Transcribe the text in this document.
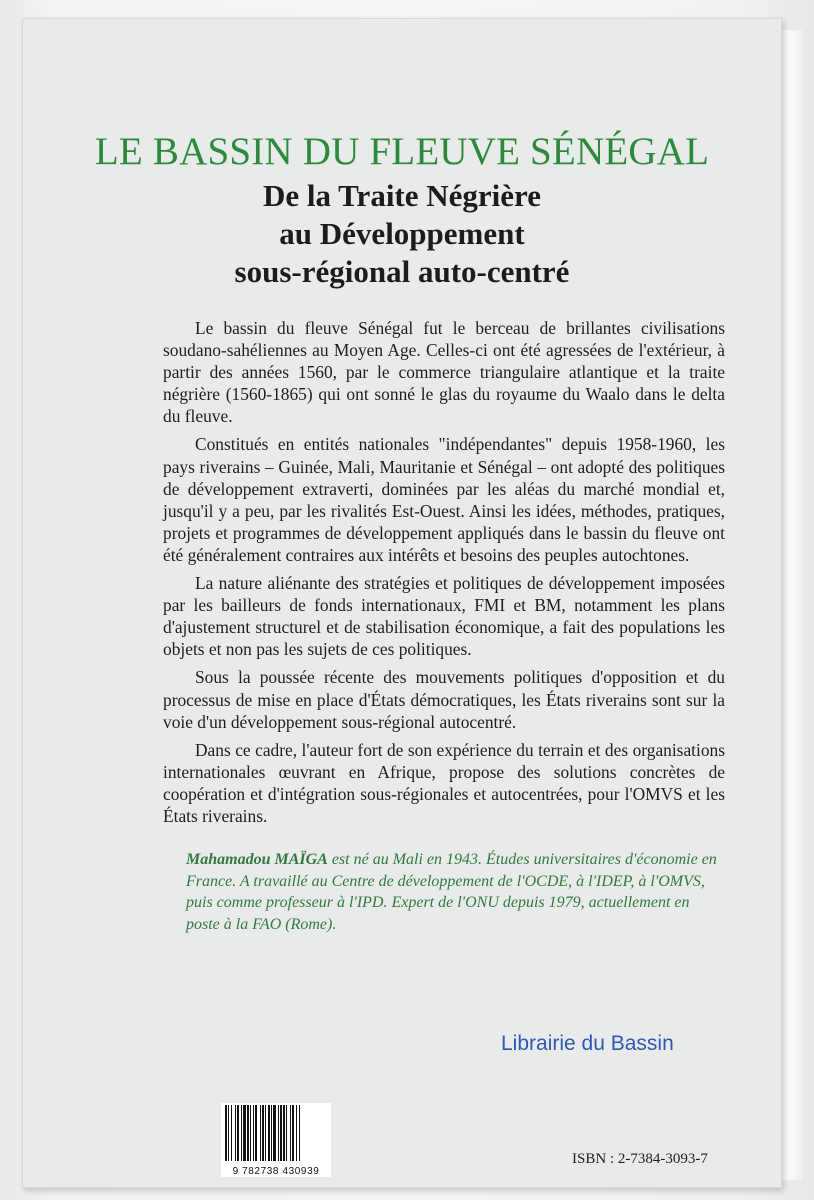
LE BASSIN DU FLEUVE SÉNÉGAL
De la Traite Négrière
au Développement
sous-régional auto-centré

Le bassin du fleuve Sénégal fut le berceau de brillantes civilisations soudano-sahéliennes au Moyen Age. Celles-ci ont été agressées de l'extérieur, à partir des années 1560, par le commerce triangulaire atlantique et la traite négrière (1560-1865) qui ont sonné le glas du royaume du Waalo dans le delta du fleuve.

Constitués en entités nationales "indépendantes" depuis 1958-1960, les pays riverains – Guinée, Mali, Mauritanie et Sénégal – ont adopté des politiques de développement extraverti, dominées par les aléas du marché mondial et, jusqu'il y a peu, par les rivalités Est-Ouest. Ainsi les idées, méthodes, pratiques, projets et programmes de développement appliqués dans le bassin du fleuve ont été généralement contraires aux intérêts et besoins des peuples autochtones.

La nature aliénante des stratégies et politiques de développement imposées par les bailleurs de fonds internationaux, FMI et BM, notamment les plans d'ajustement structurel et de stabilisation économique, a fait des populations les objets et non pas les sujets de ces politiques.

Sous la poussée récente des mouvements politiques d'opposition et du processus de mise en place d'États démocratiques, les États riverains sont sur la voie d'un développement sous-régional autocentré.

Dans ce cadre, l'auteur fort de son expérience du terrain et des organisations internationales œuvrant en Afrique, propose des solutions concrètes de coopération et d'intégration sous-régionales et autocentrées, pour l'OMVS et les États riverains.

Mahamadou MAÏGA est né au Mali en 1943. Études universitaires d'économie en France. A travaillé au Centre de développement de l'OCDE, à l'IDEP, à l'OMVS, puis comme professeur à l'IPD. Expert de l'ONU depuis 1979, actuellement en poste à la FAO (Rome).
Librairie du Bassin
9 782738 430939
ISBN : 2-7384-3093-7
